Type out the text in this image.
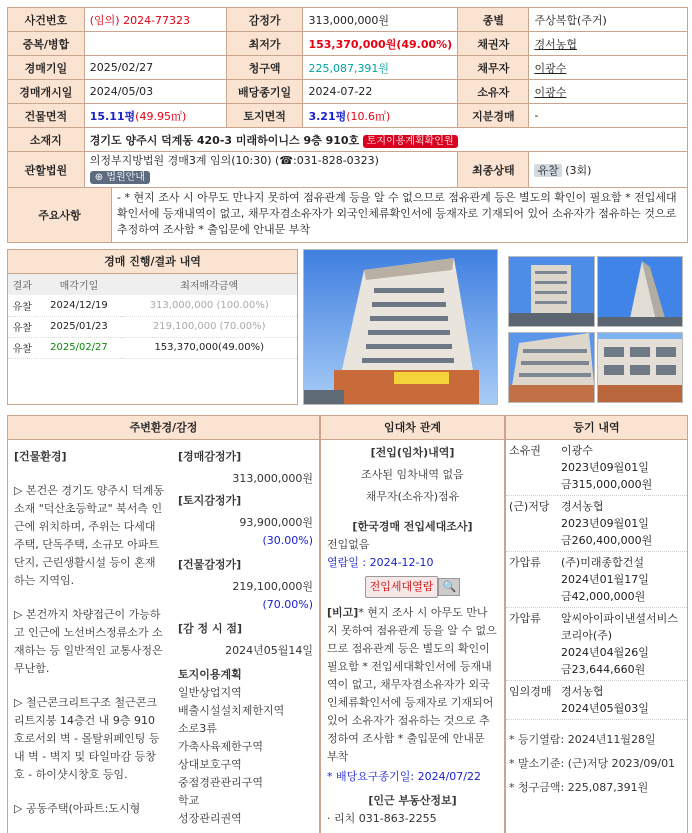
사건번호	(임의) 2024-77323	감정가	313,000,000원	종별	주상복합(주거)
중복/병합		최저가	153,370,000원(49.00%)	채권자	경서농협
경매기일	2025/02/27	청구액	225,087,391원	채무자	이광수
경매개시일	2024/05/03	배당종기일	2024-07-22	소유자	이광수
건물면적	15.11평(49.95㎡)	토지면적	3.21평(10.6㎡)	지분경매	-
소재지	경기도 양주시 덕계동 420-3 미래하이니스 9층 910호 토지이용계획확인원				
관할법원	의정부지방법원 경매3계 임의(10:30) (☎:031-828-0323)
⊕ 법원안내			최종상태	유찰 (3회)
주요사항
- * 현지 조사 시 아무도 만나지 못하여 점유관계 등을 알 수 없으므로 점유관계 등은 별도의 확인이 필요함 * 전입세대확인서에 등재내역이 없고, 채무자겸소유자가 외국인체류확인서에 등재자로 기재되어 있어 소유자가 점유하는 것으로 추정하여 조사함 * 출입문에 안내문 부착
경매 진행/결과 내역
결과	매각기일	최저매각금액
유찰	2024/12/19	313,000,000 (100.00%)
유찰	2025/01/23	219,100,000 (70.00%)
유찰	2025/02/27	153,370,000(49.00%)
주변환경/감정
[건물환경]
▷ 본건은 경기도 양주시 덕계동 소재 "덕산초등학교" 북서측 인근에 위치하며, 주위는 다세대주택, 단독주택, 소규모 아파트단지, 근린생활시설 등이 혼재하는 지역임.
▷ 본건까지 차량접근이 가능하고 인근에 노선버스정류소가 소재하는 등 일반적인 교통사정은 무난함.
▷ 철근콘크리트구조 철근콘크리트지붕 14층건 내 9층 910호로서외 벽 - 몰탈위페인팅 등내 벽 - 벽지 및 타일마감 등창 호 - 하이샷시창호 등임.
▷ 공동주택(아파트:도시형
[경매감정가]
313,000,000원
[토지감정가]
93,900,000원
(30.00%)
[건물감정가]
219,100,000원
(70.00%)
[감 정 시 점]
2024년05월14일
토지이용계획
일반상업지역
배출시설설치제한지역
소로3류
가축사육제한구역
상대보호구역
중점경관관리구역
학교
성장관리권역
임대차 관계
[전입(임차)내역]
조사된 임차내역 없음
채무자(소유자)점유
[한국경매 전입세대조사]
전입없음
열람일 : 2024-12-10
전입세대열람 🔍
[비고]* 현지 조사 시 아무도 만나지 못하여 점유관계 등을 알 수 없으므로 점유관계 등은 별도의 확인이 필요함 * 전입세대확인서에 등재내역이 없고, 채무자겸소유자가 외국인체류확인서에 등재자로 기재되어 있어 소유자가 점유하는 것으로 추정하여 조사함 * 출입문에 안내문 부착
* 배당요구종기일: 2024/07/22
[인근 부동산정보]
· 리치 031-863-2255
등기 내역
소유권	이광수
2023년09월01일
금315,000,000원

(근)저당	경서농협
2023년09월01일
금260,400,000원

가압류	(주)미래종합건설
2024년01월17일
금42,000,000원

가압류	알씨아이파이낸셜서비스코리아(주)
2024년04월26일
금23,644,660원

임의경매	경서농협
2024년05월03일
* 등기열람: 2024년11월28일
* 말소기준: (근)저당 2023/09/01
* 청구금액: 225,087,391원
